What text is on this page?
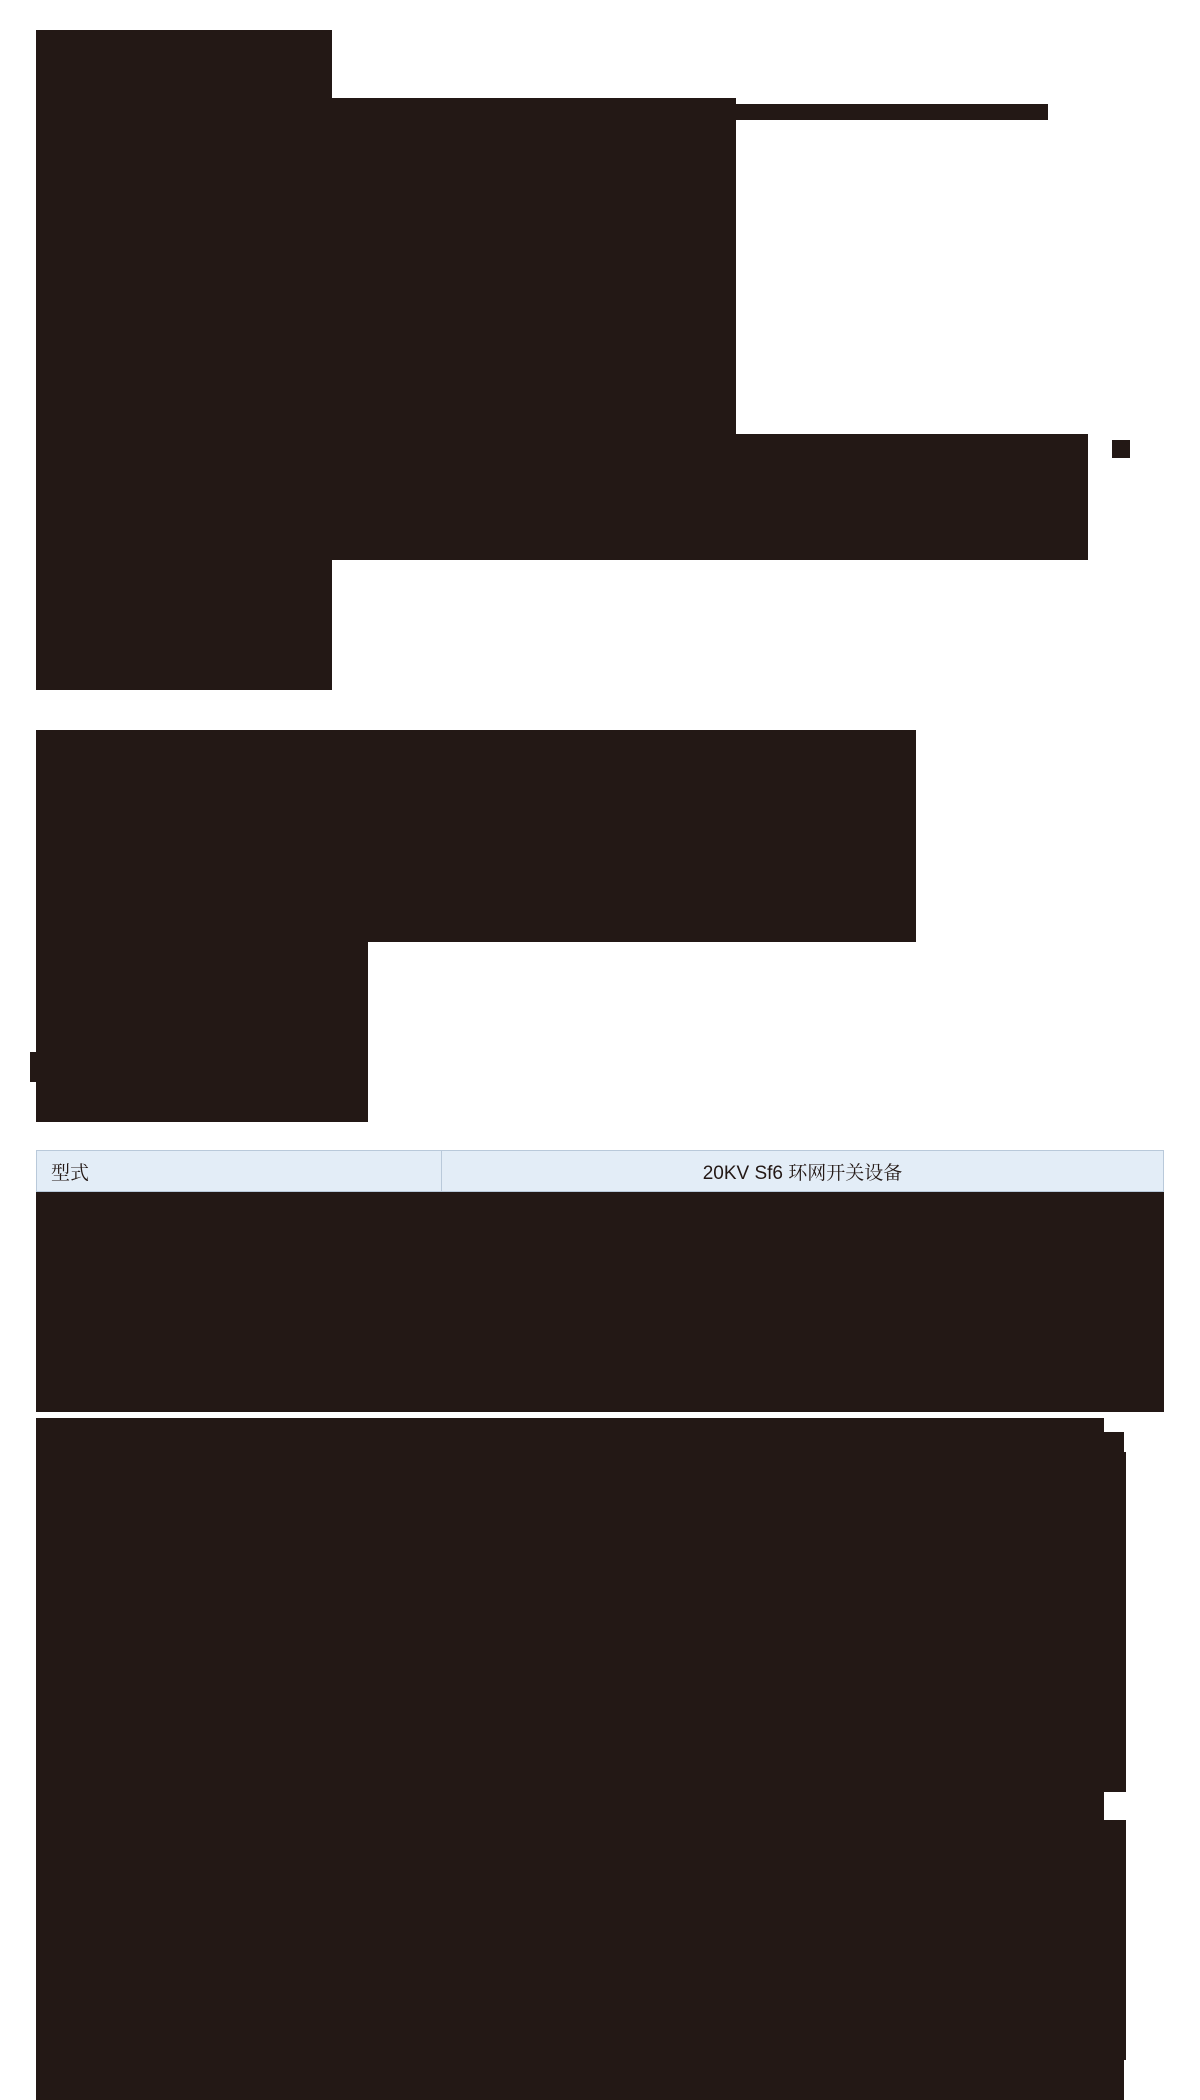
型式	20KV Sf6 环网开关设备
